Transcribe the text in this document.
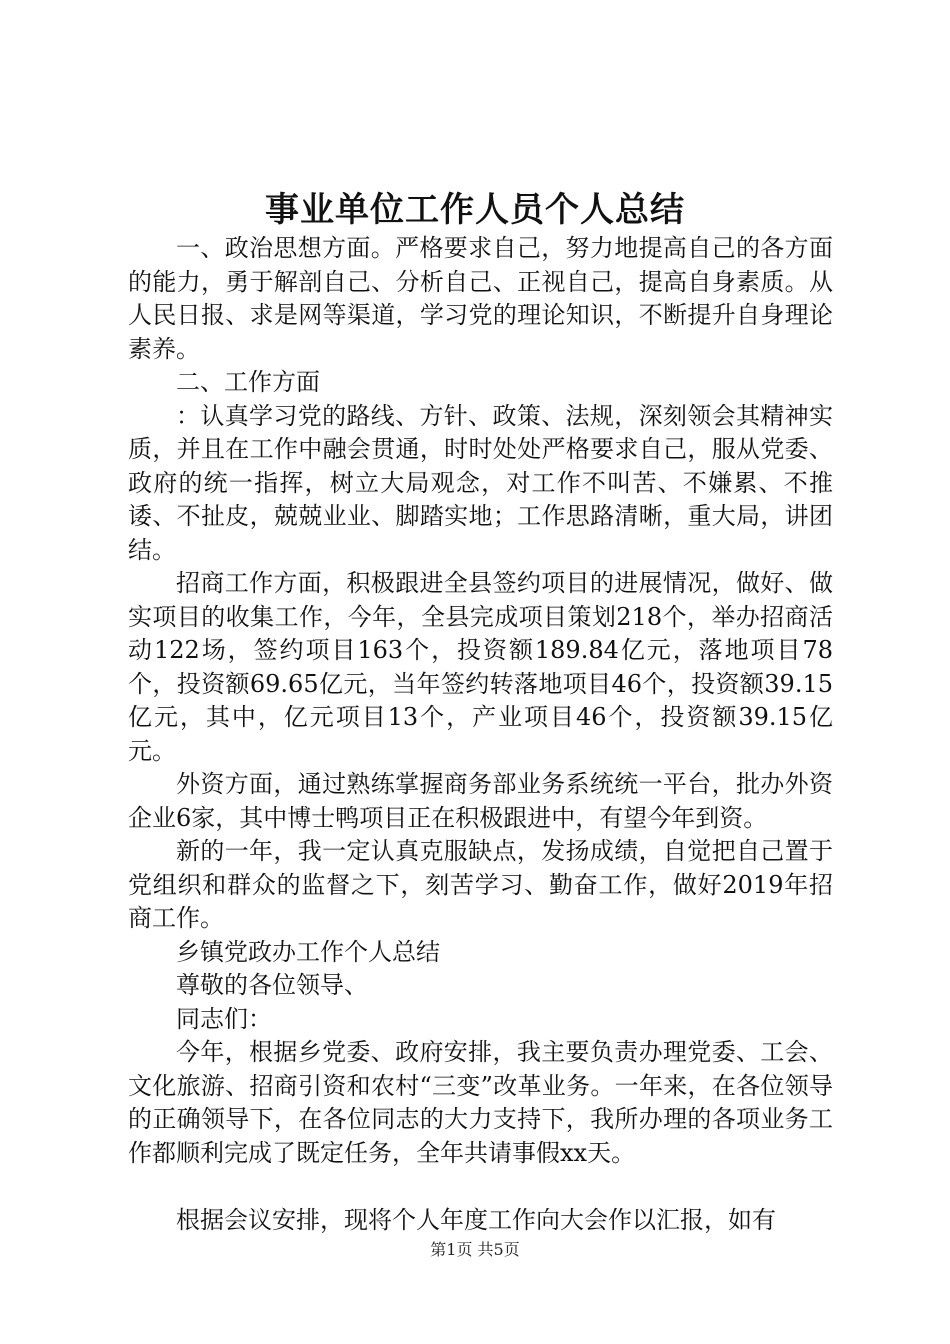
事业单位工作人员个人总结

一、政治思想方面。严格要求自己，努力地提高自己的各方面的能力，勇于解剖自己、分析自己、正视自己，提高自身素质。从人民日报、求是网等渠道，学习党的理论知识，不断提升自身理论素养。

二、工作方面

：认真学习党的路线、方针、政策、法规，深刻领会其精神实质，并且在工作中融会贯通，时时处处严格要求自己，服从党委、政府的统一指挥，树立大局观念，对工作不叫苦、不嫌累、不推诿、不扯皮，兢兢业业、脚踏实地；工作思路清晰，重大局，讲团结。

招商工作方面，积极跟进全县签约项目的进展情况，做好、做实项目的收集工作，今年，全县完成项目策划218个，举办招商活动122场，签约项目163个，投资额189.84亿元，落地项目78个，投资额69.65亿元，当年签约转落地项目46个，投资额39.15亿元，其中，亿元项目13个，产业项目46个，投资额39.15亿元。

外资方面，通过熟练掌握商务部业务系统统一平台，批办外资企业6家，其中博士鸭项目正在积极跟进中，有望今年到资。

新的一年，我一定认真克服缺点，发扬成绩，自觉把自己置于党组织和群众的监督之下，刻苦学习、勤奋工作，做好2019年招商工作。

乡镇党政办工作个人总结

尊敬的各位领导、

同志们：

今年，根据乡党委、政府安排，我主要负责办理党委、工会、文化旅游、招商引资和农村“三变”改革业务。一年来，在各位领导的正确领导下，在各位同志的大力支持下，我所办理的各项业务工作都顺利完成了既定任务，全年共请事假xx天。

根据会议安排，现将个人年度工作向大会作以汇报，如有

第1页 共5页
